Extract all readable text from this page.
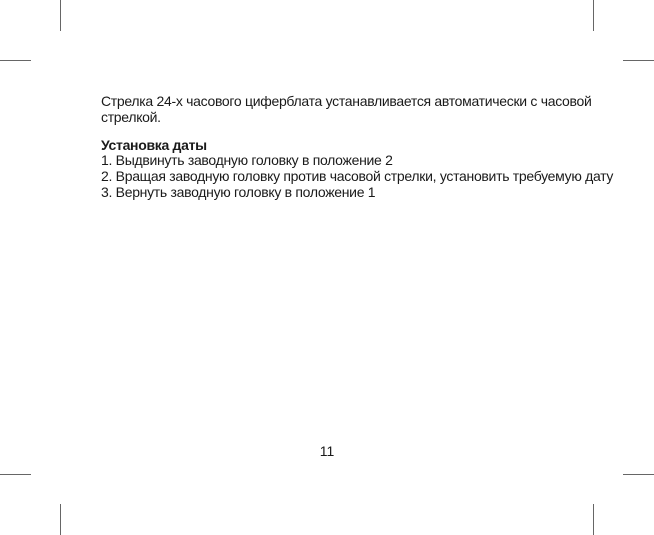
Стрелка 24-х часового циферблата устанавливается автоматически с часовой
стрелкой.
Установка даты
1. Выдвинуть заводную головку в положение 2
2. Вращая заводную головку против часовой стрелки, установить требуемую дату
3. Вернуть заводную головку в положение 1
11
